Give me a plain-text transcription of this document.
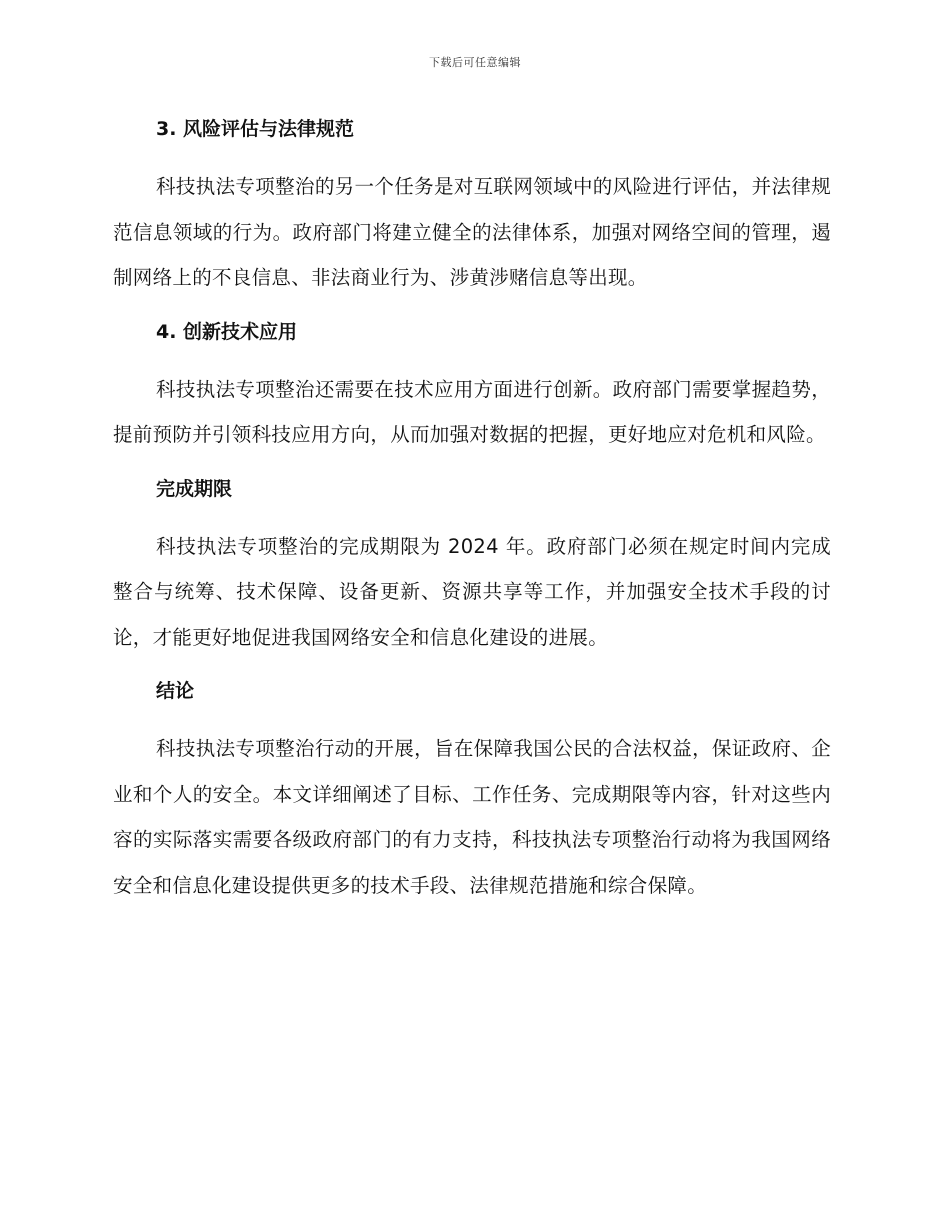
下载后可任意编辑
3. 风险评估与法律规范

科技执法专项整治的另一个任务是对互联网领域中的风险进行评估，并法律规范信息领域的行为。政府部门将建立健全的法律体系，加强对网络空间的管理，遏制网络上的不良信息、非法商业行为、涉黄涉赌信息等出现。

4. 创新技术应用

科技执法专项整治还需要在技术应用方面进行创新。政府部门需要掌握趋势，提前预防并引领科技应用方向，从而加强对数据的把握，更好地应对危机和风险。

完成期限

科技执法专项整治的完成期限为 2024 年。政府部门必须在规定时间内完成整合与统筹、技术保障、设备更新、资源共享等工作，并加强安全技术手段的讨论，才能更好地促进我国网络安全和信息化建设的进展。

结论

科技执法专项整治行动的开展，旨在保障我国公民的合法权益，保证政府、企业和个人的安全。本文详细阐述了目标、工作任务、完成期限等内容，针对这些内容的实际落实需要各级政府部门的有力支持，科技执法专项整治行动将为我国网络安全和信息化建设提供更多的技术手段、法律规范措施和综合保障。
